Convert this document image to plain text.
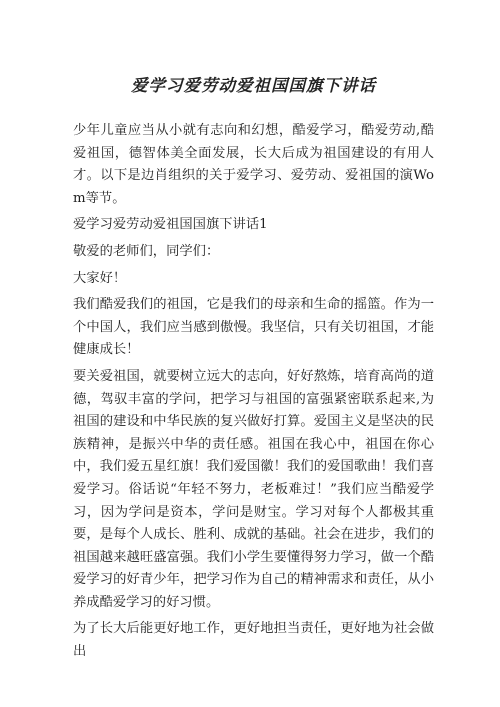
爱学习爱劳动爱祖国国旗下讲话

少年儿童应当从小就有志向和幻想，酷爱学习，酷爱劳动,酷爱祖国，德智体美全面发展，长大后成为祖国建设的有用人才。以下是边肖组织的关于爱学习、爱劳动、爱祖国的演Wom等节。

爱学习爱劳动爱祖国国旗下讲话1

敬爱的老师们，同学们：

大家好！

我们酷爱我们的祖国，它是我们的母亲和生命的摇篮。作为一个中国人，我们应当感到傲慢。我坚信，只有关切祖国，才能健康成长！

要关爱祖国，就要树立远大的志向，好好熬炼，培育高尚的道德，驾驭丰富的学问，把学习与祖国的富强紧密联系起来,为祖国的建设和中华民族的复兴做好打算。爱国主义是坚决的民族精神，是振兴中华的责任感。祖国在我心中，祖国在你心中，我们爱五星红旗！我们爱国徽！我们的爱国歌曲！我们喜爱学习。俗话说“年轻不努力，老板难过！”我们应当酷爱学习，因为学问是资本，学问是财宝。学习对每个人都极其重要，是每个人成长、胜利、成就的基础。社会在进步，我们的祖国越来越旺盛富强。我们小学生要懂得努力学习，做一个酷爱学习的好青少年，把学习作为自己的精神需求和责任，从小养成酷爱学习的好习惯。

为了长大后能更好地工作，更好地担当责任，更好地为社会做出
